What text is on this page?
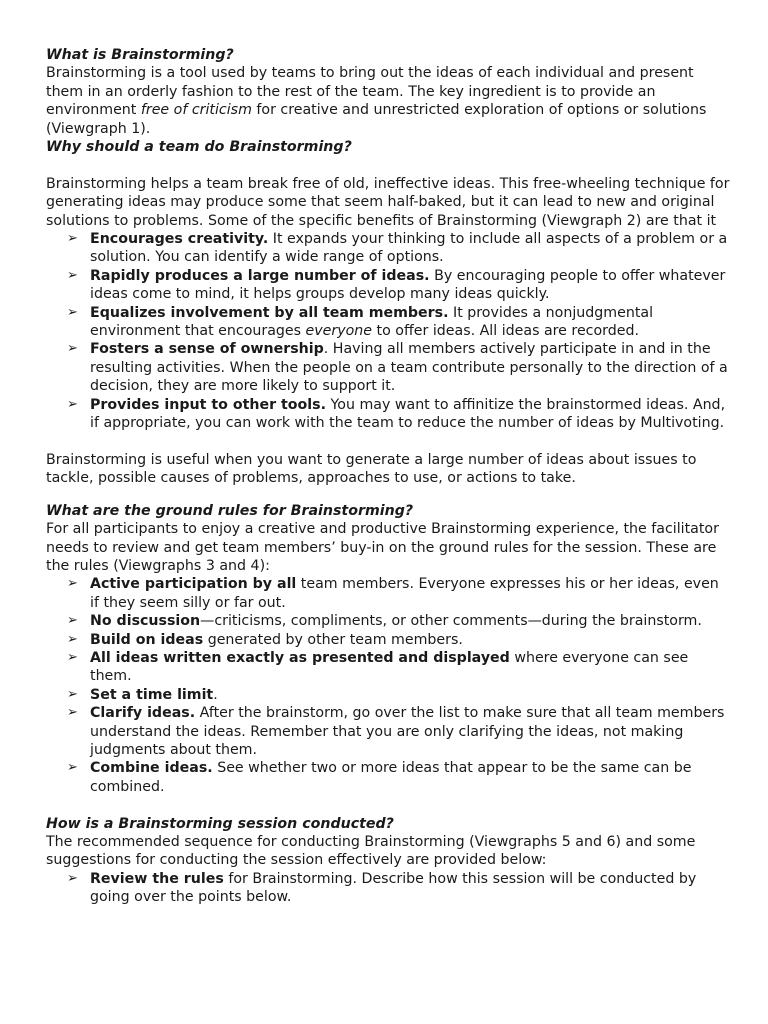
What is Brainstorming?

Brainstorming is a tool used by teams to bring out the ideas of each individual and present them in an orderly fashion to the rest of the team. The key ingredient is to provide an environment free of criticism for creative and unrestricted exploration of options or solutions (Viewgraph 1).

Why should a team do Brainstorming?

Brainstorming helps a team break free of old, ineffective ideas. This free-wheeling technique for generating ideas may produce some that seem half-baked, but it can lead to new and original solutions to problems. Some of the specific benefits of Brainstorming (Viewgraph 2) are that it

➢ Encourages creativity. It expands your thinking to include all aspects of a problem or a solution. You can identify a wide range of options.
➢ Rapidly produces a large number of ideas. By encouraging people to offer whatever ideas come to mind, it helps groups develop many ideas quickly.
➢ Equalizes involvement by all team members. It provides a nonjudgmental environment that encourages everyone to offer ideas. All ideas are recorded.
➢ Fosters a sense of ownership. Having all members actively participate in and in the resulting activities. When the people on a team contribute personally to the direction of a decision, they are more likely to support it.
➢ Provides input to other tools. You may want to affinitize the brainstormed ideas. And, if appropriate, you can work with the team to reduce the number of ideas by Multivoting.

Brainstorming is useful when you want to generate a large number of ideas about issues to tackle, possible causes of problems, approaches to use, or actions to take.

What are the ground rules for Brainstorming?

For all participants to enjoy a creative and productive Brainstorming experience, the facilitator needs to review and get team members’ buy-in on the ground rules for the session. These are the rules (Viewgraphs 3 and 4):

➢ Active participation by all team members. Everyone expresses his or her ideas, even if they seem silly or far out.
➢ No discussion—criticisms, compliments, or other comments—during the brainstorm.
➢ Build on ideas generated by other team members.
➢ All ideas written exactly as presented and displayed where everyone can see them.
➢ Set a time limit.
➢ Clarify ideas. After the brainstorm, go over the list to make sure that all team members understand the ideas. Remember that you are only clarifying the ideas, not making judgments about them.
➢ Combine ideas. See whether two or more ideas that appear to be the same can be combined.
How is a Brainstorming session conducted?

The recommended sequence for conducting Brainstorming (Viewgraphs 5 and 6) and some suggestions for conducting the session effectively are provided below:

➢ Review the rules for Brainstorming. Describe how this session will be conducted by going over the points below.
